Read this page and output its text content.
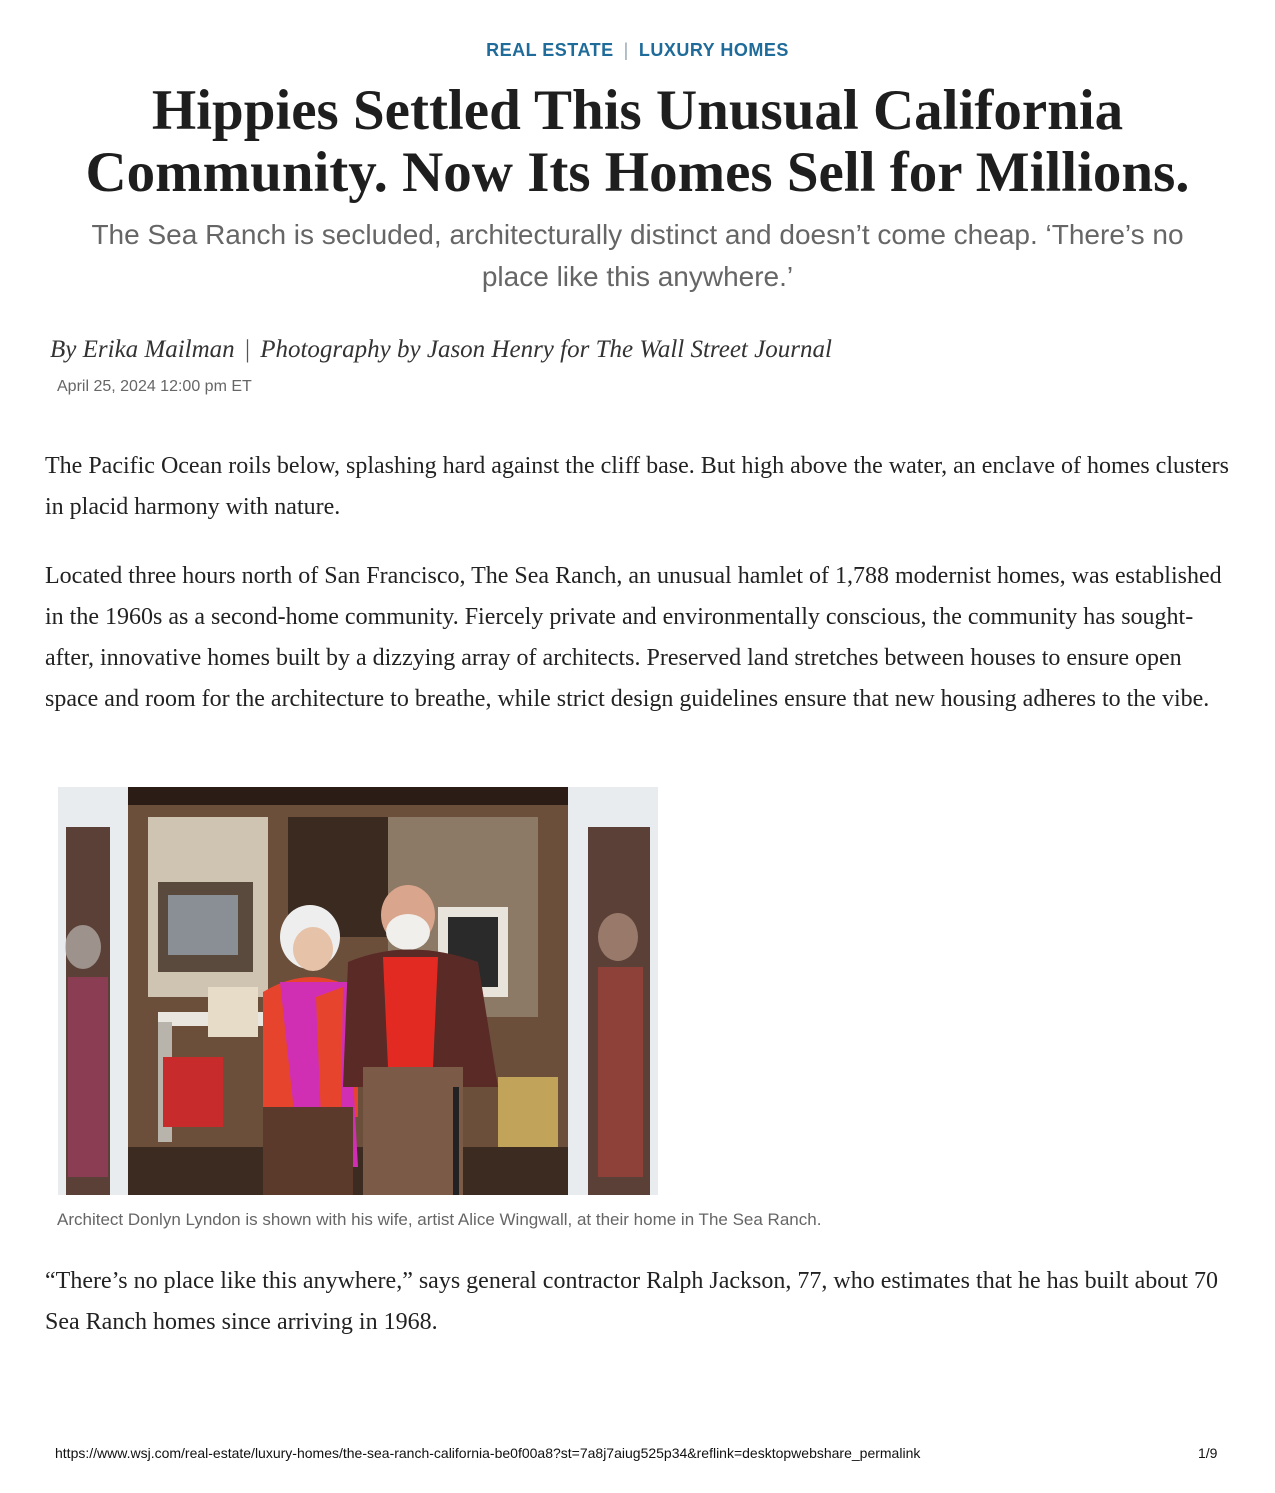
REAL ESTATE | LUXURY HOMES
Hippies Settled This Unusual California Community. Now Its Homes Sell for Millions.
The Sea Ranch is secluded, architecturally distinct and doesn’t come cheap. ‘There’s no place like this anywhere.’
By Erika Mailman | Photography by Jason Henry for The Wall Street Journal
April 25, 2024 12:00 pm ET

The Pacific Ocean roils below, splashing hard against the cliff base. But high above the water, an enclave of homes clusters in placid harmony with nature.

Located three hours north of San Francisco, The Sea Ranch, an unusual hamlet of 1,788 modernist homes, was established in the 1960s as a second-home community. Fiercely private and environmentally conscious, the community has sought-after, innovative homes built by a dizzying array of architects. Preserved land stretches between houses to ensure open space and room for the architecture to breathe, while strict design guidelines ensure that new housing adheres to the vibe.

Architect Donlyn Lyndon is shown with his wife, artist Alice Wingwall, at their home in The Sea Ranch.

“There’s no place like this anywhere,” says general contractor Ralph Jackson, 77, who estimates that he has built about 70 Sea Ranch homes since arriving in 1968.

https://www.wsj.com/real-estate/luxury-homes/the-sea-ranch-california-be0f00a8?st=7a8j7aiug525p34&reflink=desktopwebshare_permalink	1/9
